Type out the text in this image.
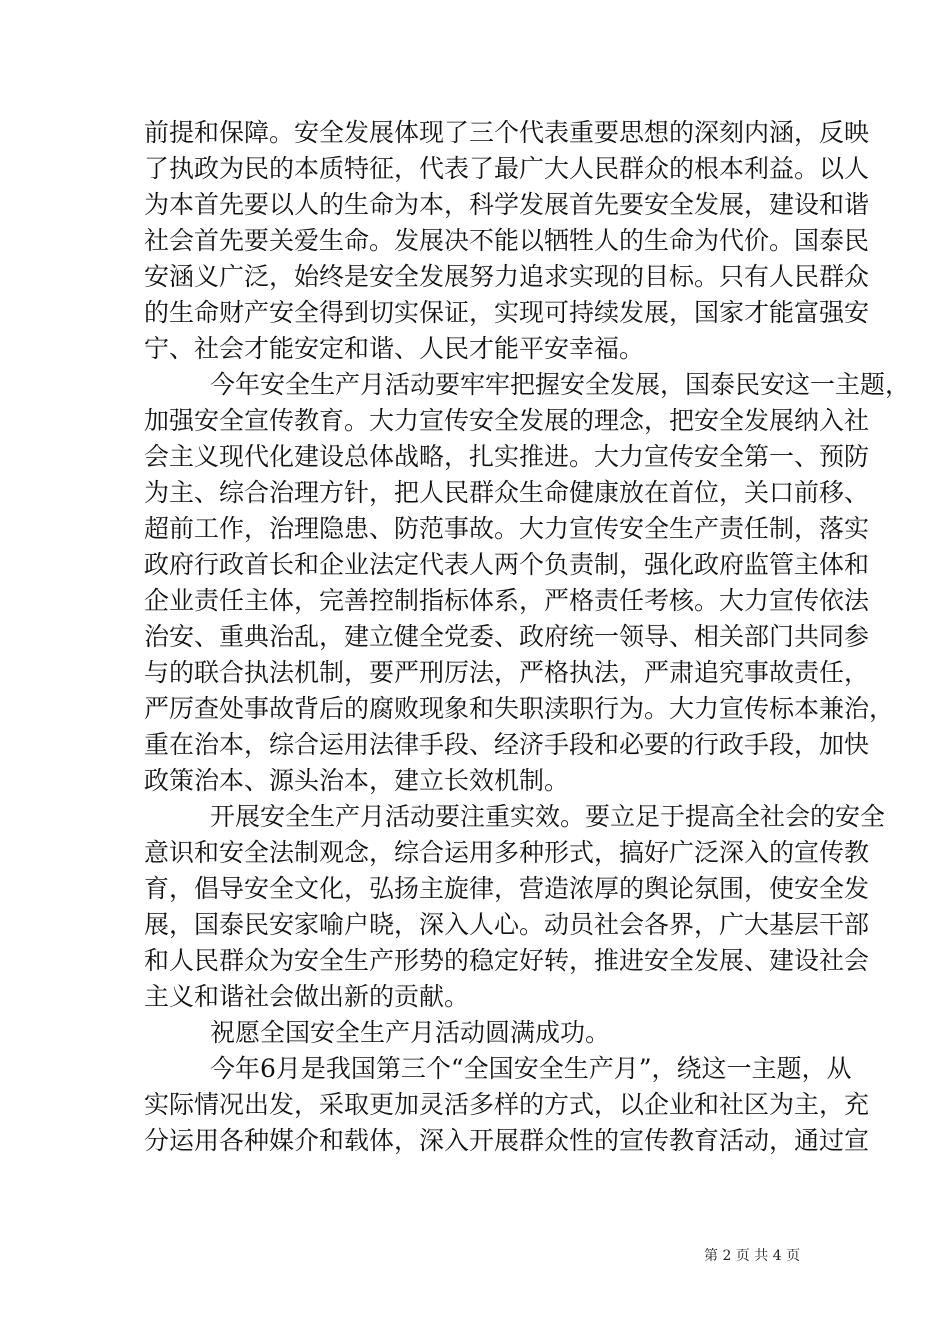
前提和保障。安全发展体现了三个代表重要思想的深刻内涵，反映
了执政为民的本质特征，代表了最广大人民群众的根本利益。以人
为本首先要以人的生命为本，科学发展首先要安全发展，建设和谐
社会首先要关爱生命。发展决不能以牺牲人的生命为代价。国泰民
安涵义广泛，始终是安全发展努力追求实现的目标。只有人民群众
的生命财产安全得到切实保证，实现可持续发展，国家才能富强安
宁、社会才能安定和谐、人民才能平安幸福。
今年安全生产月活动要牢牢把握安全发展，国泰民安这一主题，
加强安全宣传教育。大力宣传安全发展的理念，把安全发展纳入社
会主义现代化建设总体战略，扎实推进。大力宣传安全第一、预防
为主、综合治理方针，把人民群众生命健康放在首位，关口前移、
超前工作，治理隐患、防范事故。大力宣传安全生产责任制，落实
政府行政首长和企业法定代表人两个负责制，强化政府监管主体和
企业责任主体，完善控制指标体系，严格责任考核。大力宣传依法
治安、重典治乱，建立健全党委、政府统一领导、相关部门共同参
与的联合执法机制，要严刑厉法，严格执法，严肃追究事故责任，
严厉查处事故背后的腐败现象和失职渎职行为。大力宣传标本兼治，
重在治本，综合运用法律手段、经济手段和必要的行政手段，加快
政策治本、源头治本，建立长效机制。
开展安全生产月活动要注重实效。要立足于提高全社会的安全
意识和安全法制观念，综合运用多种形式，搞好广泛深入的宣传教
育，倡导安全文化，弘扬主旋律，营造浓厚的舆论氛围，使安全发
展，国泰民安家喻户晓，深入人心。动员社会各界，广大基层干部
和人民群众为安全生产形势的稳定好转，推进安全发展、建设社会
主义和谐社会做出新的贡献。
祝愿全国安全生产月活动圆满成功。
今年6月是我国第三个“全国安全生产月”，绕这一主题，从
实际情况出发，采取更加灵活多样的方式，以企业和社区为主，充
分运用各种媒介和载体，深入开展群众性的宣传教育活动，通过宣
第 2 页 共 4 页
